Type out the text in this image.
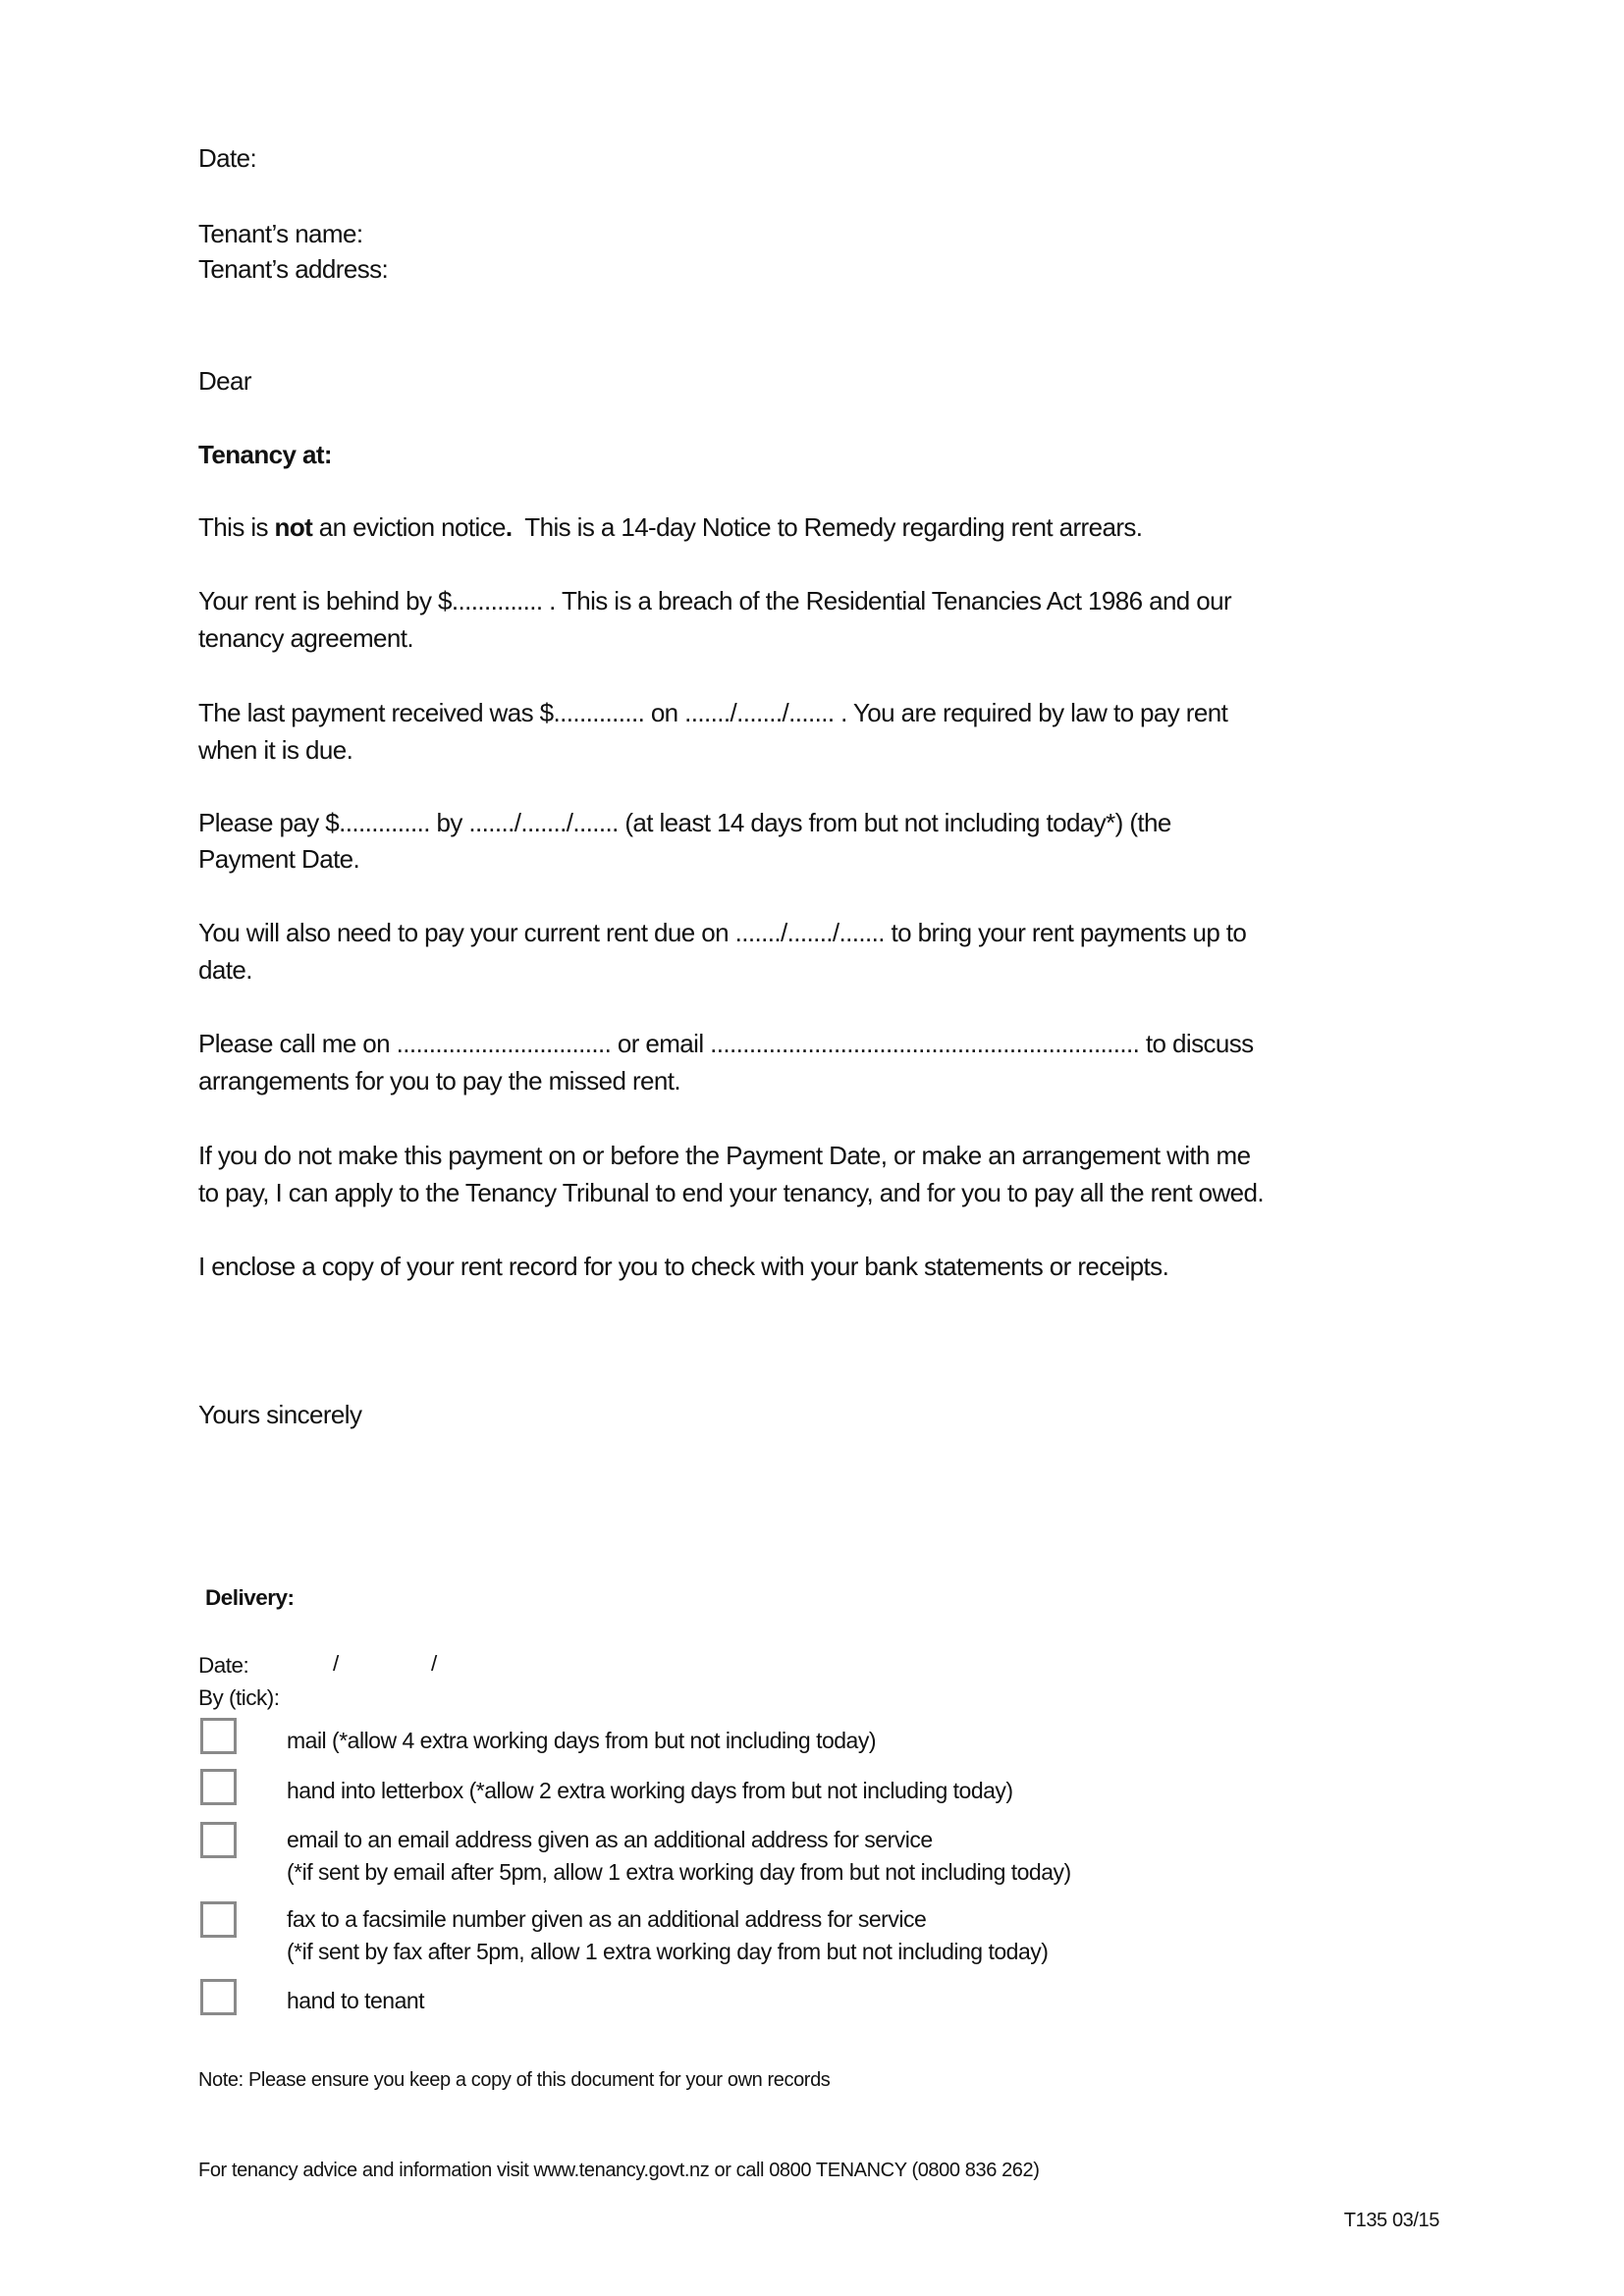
Date:
Tenant’s name:
Tenant’s address:
Dear
Tenancy at:
This is not an eviction notice.  This is a 14-day Notice to Remedy regarding rent arrears.
Your rent is behind by $.............. . This is a breach of the Residential Tenancies Act 1986 and our
tenancy agreement.
The last payment received was $.............. on ......./......./....... . You are required by law to pay rent
when it is due.
Please pay $.............. by ......./......./....... (at least 14 days from but not including today*) (the
Payment Date.
You will also need to pay your current rent due on ......./......./....... to bring your rent payments up to
date.
Please call me on ................................. or email .................................................................. to discuss
arrangements for you to pay the missed rent.
If you do not make this payment on or before the Payment Date, or make an arrangement with me
to pay, I can apply to the Tenancy Tribunal to end your tenancy, and for you to pay all the rent owed.
I enclose a copy of your rent record for you to check with your bank statements or receipts.
Yours sincerely
Delivery:
Date:	/	/
By (tick):
mail (*allow 4 extra working days from but not including today)
hand into letterbox (*allow 2 extra working days from but not including today)
email to an email address given as an additional address for service
(*if sent by email after 5pm, allow 1 extra working day from but not including today)
fax to a facsimile number given as an additional address for service
(*if sent by fax after 5pm, allow 1 extra working day from but not including today)
hand to tenant
Note: Please ensure you keep a copy of this document for your own records
For tenancy advice and information visit www.tenancy.govt.nz or call 0800 TENANCY (0800 836 262)
T135 03/15
